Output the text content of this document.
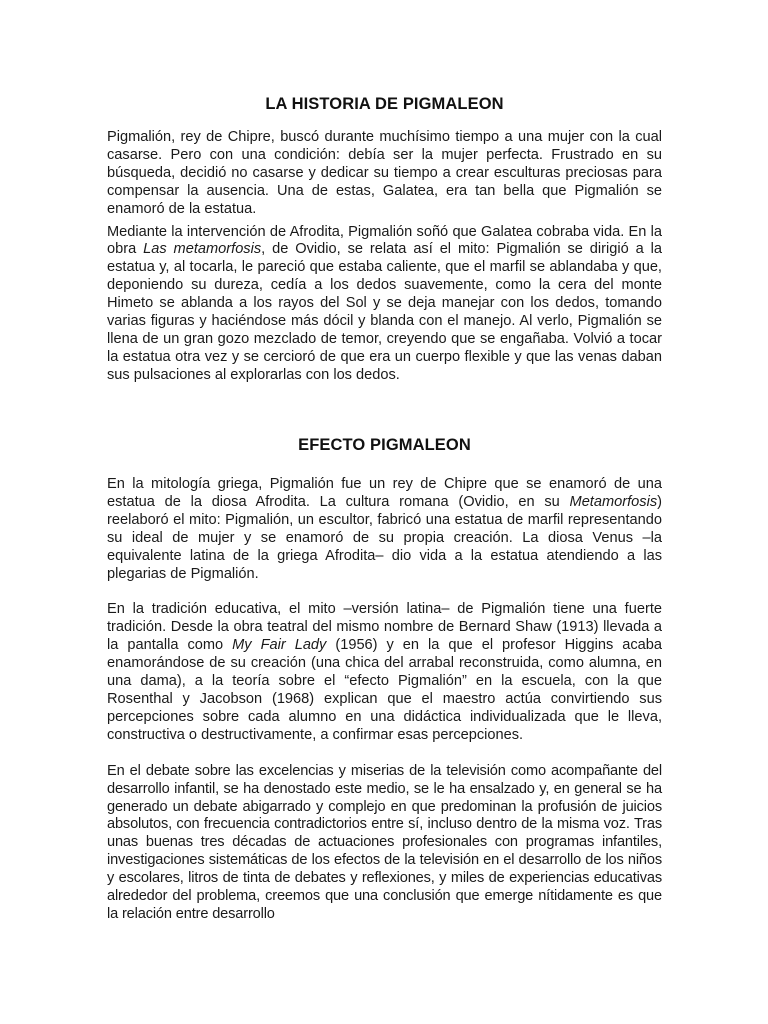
LA HISTORIA DE PIGMALEON

Pigmalión, rey de Chipre, buscó durante muchísimo tiempo a una mujer con la cual casarse. Pero con una condición: debía ser la mujer perfecta. Frustrado en su búsqueda, decidió no casarse y dedicar su tiempo a crear esculturas preciosas para compensar la ausencia. Una de estas, Galatea, era tan bella que Pigmalión se enamoró de la estatua.

Mediante la intervención de Afrodita, Pigmalión soñó que Galatea cobraba vida. En la obra Las metamorfosis, de Ovidio, se relata así el mito: Pigmalión se dirigió a la estatua y, al tocarla, le pareció que estaba caliente, que el marfil se ablandaba y que, deponiendo su dureza, cedía a los dedos suavemente, como la cera del monte Himeto se ablanda a los rayos del Sol y se deja manejar con los dedos, tomando varias figuras y haciéndose más dócil y blanda con el manejo. Al verlo, Pigmalión se llena de un gran gozo mezclado de temor, creyendo que se engañaba. Volvió a tocar la estatua otra vez y se cercioró de que era un cuerpo flexible y que las venas daban sus pulsaciones al explorarlas con los dedos.

EFECTO PIGMALEON

En la mitología griega, Pigmalión fue un rey de Chipre que se enamoró de una estatua de la diosa Afrodita. La cultura romana (Ovidio, en su Metamorfosis) reelaboró el mito: Pigmalión, un escultor, fabricó una estatua de marfil representando su ideal de mujer y se enamoró de su propia creación. La diosa Venus –la equivalente latina de la griega Afrodita– dio vida a la estatua atendiendo a las plegarias de Pigmalión.

En la tradición educativa, el mito –versión latina– de Pigmalión tiene una fuerte tradición. Desde la obra teatral del mismo nombre de Bernard Shaw (1913) llevada a la pantalla como My Fair Lady (1956) y en la que el profesor Higgins acaba enamorándose de su creación (una chica del arrabal reconstruida, como alumna, en una dama), a la teoría sobre el “efecto Pigmalión” en la escuela, con la que Rosenthal y Jacobson (1968) explican que el maestro actúa convirtiendo sus percepciones sobre cada alumno en una didáctica individualizada que le lleva, constructiva o destructivamente, a confirmar esas percepciones.

En el debate sobre las excelencias y miserias de la televisión como acompañante del desarrollo infantil, se ha denostado este medio, se le ha ensalzado y, en general se ha generado un debate abigarrado y complejo en que predominan la profusión de juicios absolutos, con frecuencia contradictorios entre sí, incluso dentro de la misma voz. Tras unas buenas tres décadas de actuaciones profesionales con programas infantiles, investigaciones sistemáticas de los efectos de la televisión en el desarrollo de los niños y escolares, litros de tinta de debates y reflexiones, y miles de experiencias educativas alrededor del problema, creemos que una conclusión que emerge nítidamente es que la relación entre desarrollo
